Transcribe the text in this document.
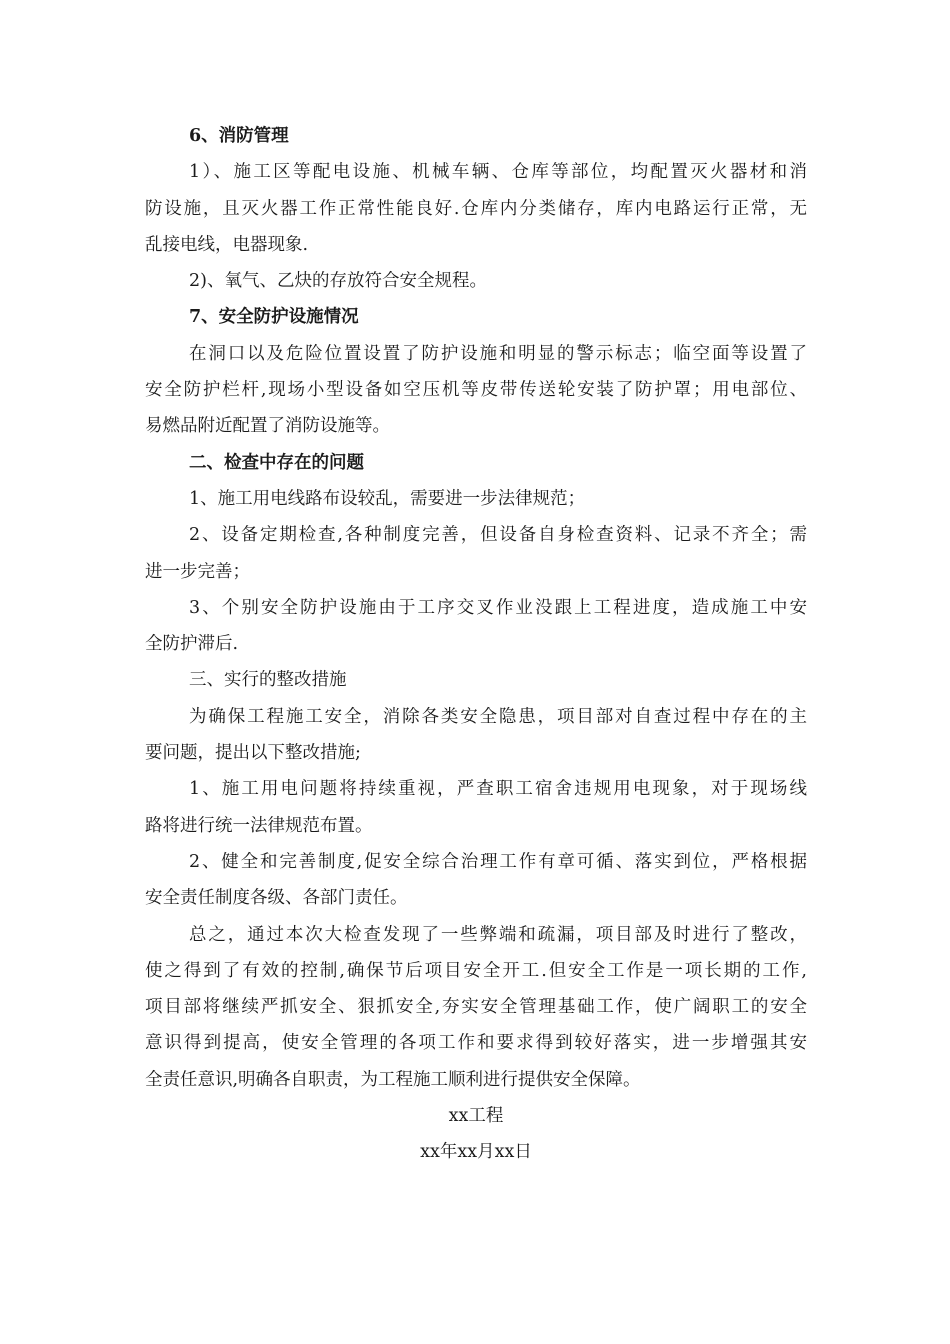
6、消防管理
1）、施工区等配电设施、机械车辆、仓库等部位，均配置灭火器材和消
防设施，且灭火器工作正常性能良好.仓库内分类储存，库内电路运行正常，无
乱接电线，电器现象.
2)、氧气、乙炔的存放符合安全规程。
7、安全防护设施情况
在洞口以及危险位置设置了防护设施和明显的警示标志；临空面等设置了
安全防护栏杆,现场小型设备如空压机等皮带传送轮安装了防护罩；用电部位、
易燃品附近配置了消防设施等。
二、检查中存在的问题
1、施工用电线路布设较乱，需要进一步法律规范；
2、设备定期检查,各种制度完善，但设备自身检查资料、记录不齐全；需
进一步完善；
3、个别安全防护设施由于工序交叉作业没跟上工程进度，造成施工中安
全防护滞后.
三、实行的整改措施
为确保工程施工安全，消除各类安全隐患，项目部对自查过程中存在的主
要问题，提出以下整改措施;
1、施工用电问题将持续重视，严查职工宿舍违规用电现象，对于现场线
路将进行统一法律规范布置。
2、健全和完善制度,促安全综合治理工作有章可循、落实到位，严格根据
安全责任制度各级、各部门责任。
总之，通过本次大检查发现了一些弊端和疏漏，项目部及时进行了整改，
使之得到了有效的控制,确保节后项目安全开工.但安全工作是一项长期的工作,
项目部将继续严抓安全、狠抓安全,夯实安全管理基础工作，使广阔职工的安全
意识得到提高，使安全管理的各项工作和要求得到较好落实，进一步增强其安
全责任意识,明确各自职责，为工程施工顺利进行提供安全保障。
xx工程
xx年xx月xx日
